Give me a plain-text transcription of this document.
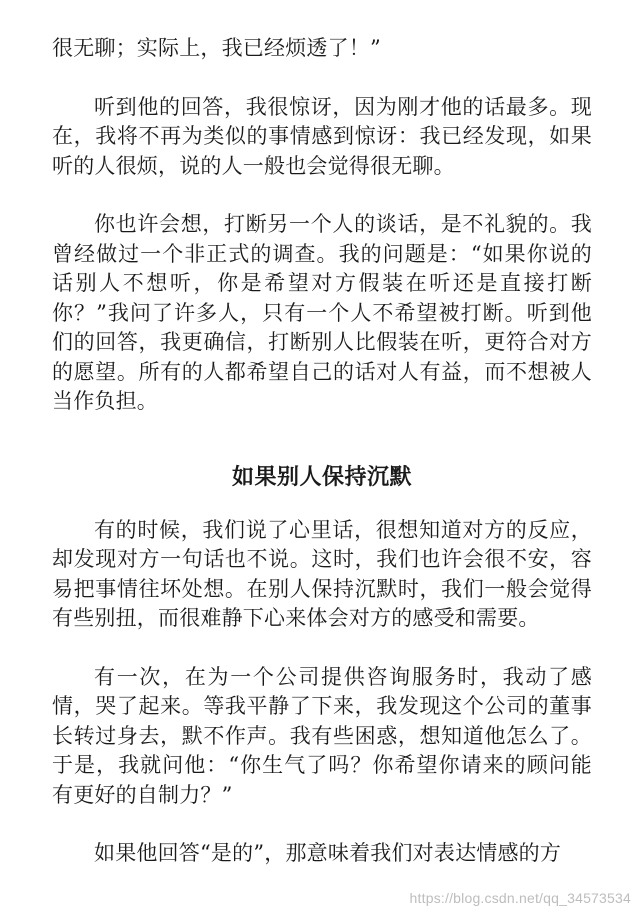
很无聊；实际上，我已经烦透了！”

听到他的回答，我很惊讶，因为刚才他的话最多。现在，我将不再为类似的事情感到惊讶：我已经发现，如果听的人很烦，说的人一般也会觉得很无聊。

你也许会想，打断另一个人的谈话，是不礼貌的。我曾经做过一个非正式的调查。我的问题是：“如果你说的话别人不想听，你是希望对方假装在听还是直接打断你？”我问了许多人，只有一个人不希望被打断。听到他们的回答，我更确信，打断别人比假装在听，更符合对方的愿望。所有的人都希望自己的话对人有益，而不想被人当作负担。

如果别人保持沉默

有的时候，我们说了心里话，很想知道对方的反应，却发现对方一句话也不说。这时，我们也许会很不安，容易把事情往坏处想。在别人保持沉默时，我们一般会觉得有些别扭，而很难静下心来体会对方的感受和需要。

有一次，在为一个公司提供咨询服务时，我动了感情，哭了起来。等我平静了下来，我发现这个公司的董事长转过身去，默不作声。我有些困惑，想知道他怎么了。于是，我就问他：“你生气了吗？你希望你请来的顾问能有更好的自制力？”

如果他回答“是的”，那意味着我们对表达情感的方

https://blog.csdn.net/qq_34573534
